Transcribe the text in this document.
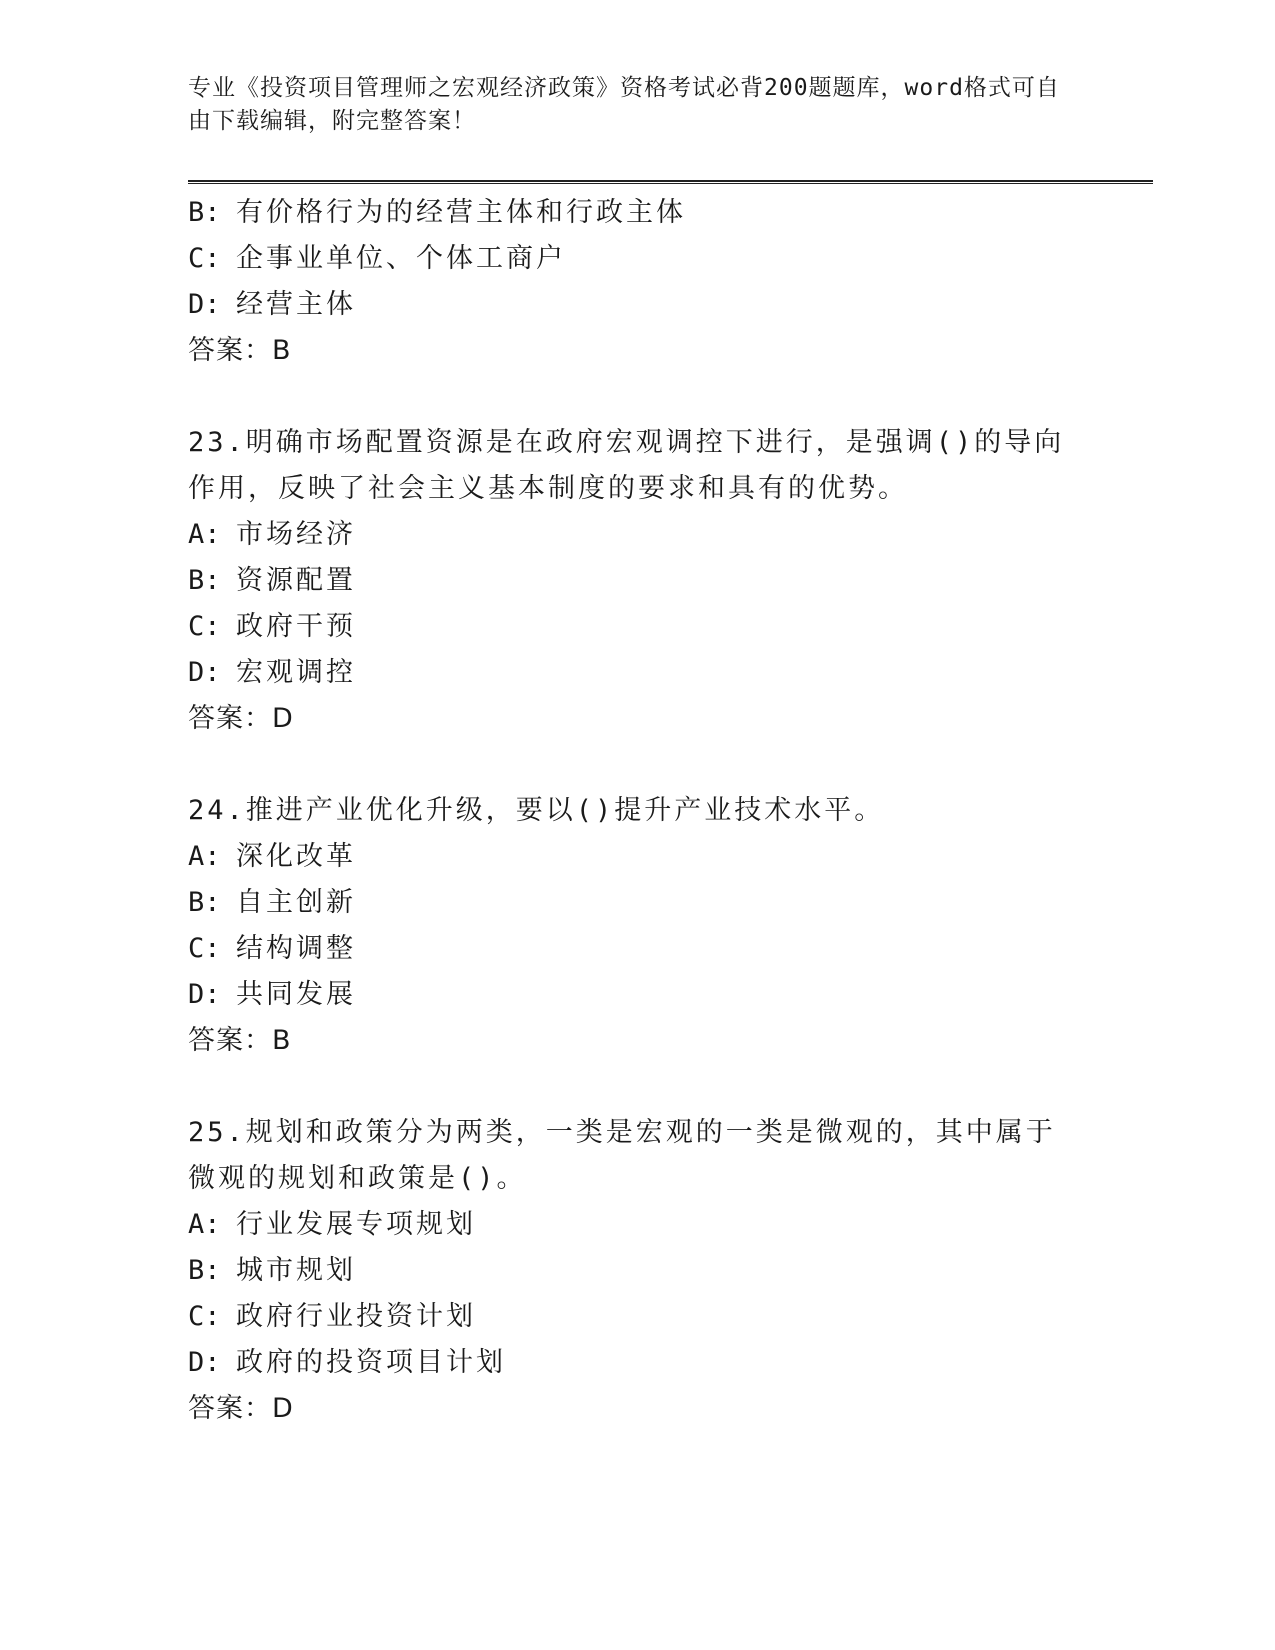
专业《投资项目管理师之宏观经济政策》资格考试必背200题题库，word格式可自由下载编辑，附完整答案！
B: 有价格行为的经营主体和行政主体
C: 企事业单位、个体工商户
D: 经营主体
答案：B
23.明确市场配置资源是在政府宏观调控下进行，是强调()的导向作用，反映了社会主义基本制度的要求和具有的优势。
A: 市场经济
B: 资源配置
C: 政府干预
D: 宏观调控
答案：D
24.推进产业优化升级，要以()提升产业技术水平。
A: 深化改革
B: 自主创新
C: 结构调整
D: 共同发展
答案：B
25.规划和政策分为两类，一类是宏观的一类是微观的，其中属于微观的规划和政策是()。
A: 行业发展专项规划
B: 城市规划
C: 政府行业投资计划
D: 政府的投资项目计划
答案：D
